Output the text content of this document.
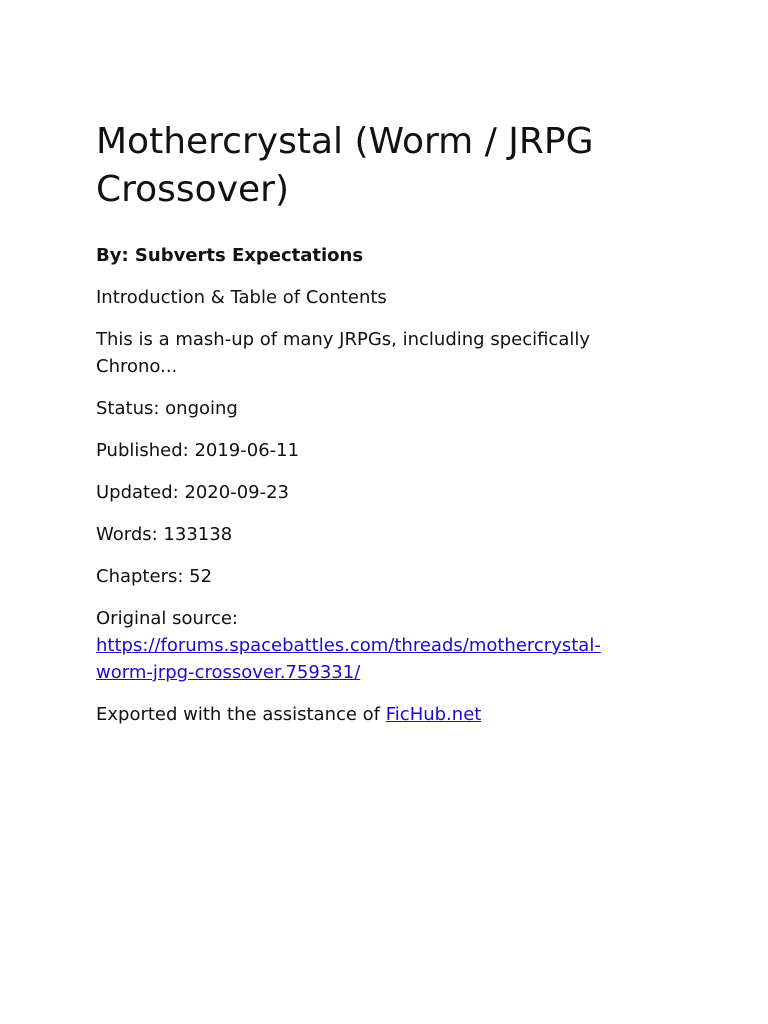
Mothercrystal (Worm / JRPG Crossover)

By: Subverts Expectations

Introduction & Table of Contents

This is a mash-up of many JRPGs, including specifically Chrono...

Status: ongoing

Published: 2019-06-11

Updated: 2020-09-23

Words: 133138

Chapters: 52

Original source:
https://forums.spacebattles.com/threads/mothercrystal-
worm-jrpg-crossover.759331/

Exported with the assistance of FicHub.net
